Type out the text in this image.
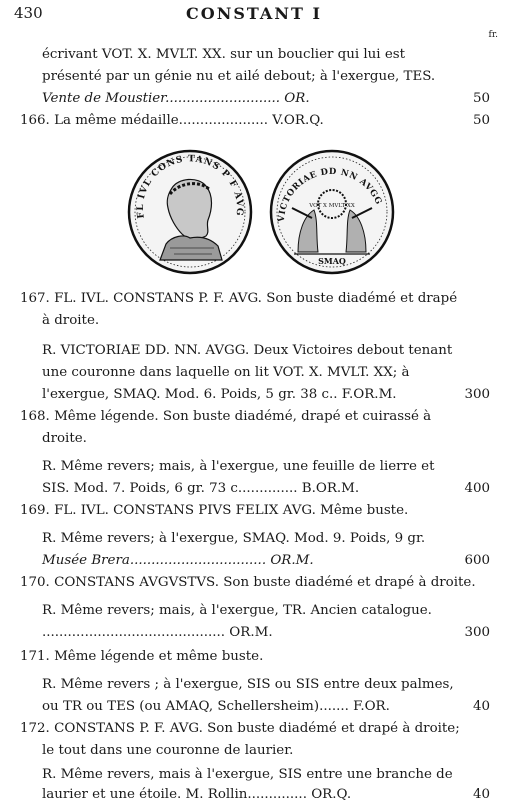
430	CONSTANT I
fr.
écrivant VOT. X. MVLT. XX. sur un bouclier qui lui est
présenté par un génie nu et ailé debout; à l'exergue, TES.
Vente de Moustier........................... OR.	50
166. La même médaille..................... V.OR.Q.	50
FL IVL CONS TANS P F AVG
VICTORIAE DD NN AVGG
VOT X MVLT XX
SMAQ
167. FL. IVL. CONSTANS P. F. AVG. Son buste diadémé et drapé
à droite.
R. VICTORIAE DD. NN. AVGG. Deux Victoires debout tenant
une couronne dans laquelle on lit VOT. X. MVLT. XX; à
l'exergue, SMAQ. Mod. 6. Poids, 5 gr. 38 c.. F.OR.M.	300
168. Même légende. Son buste diadémé, drapé et cuirassé à
droite.
R. Même revers; mais, à l'exergue, une feuille de lierre et
SIS. Mod. 7. Poids, 6 gr. 73 c.............. B.OR.M.	400
169. FL. IVL. CONSTANS PIVS FELIX AVG. Même buste.
R. Même revers; à l'exergue, SMAQ. Mod. 9. Poids, 9 gr.
Musée Brera................................ OR.M.	600
170. CONSTANS AVGVSTVS. Son buste diadémé et drapé à droite.
R. Même revers; mais, à l'exergue, TR. Ancien catalogue.
........................................... OR.M.	300
171. Même légende et même buste.
R. Même revers ; à l'exergue, SIS ou SIS entre deux palmes,
ou TR ou TES (ou AMAQ, Schellersheim)....... F.OR.	40
172. CONSTANS P. F. AVG. Son buste diadémé et drapé à droite;
le tout dans une couronne de laurier.
R. Même revers, mais à l'exergue, SIS entre une branche de
laurier et une étoile. M. Rollin.............. OR.Q.	40
